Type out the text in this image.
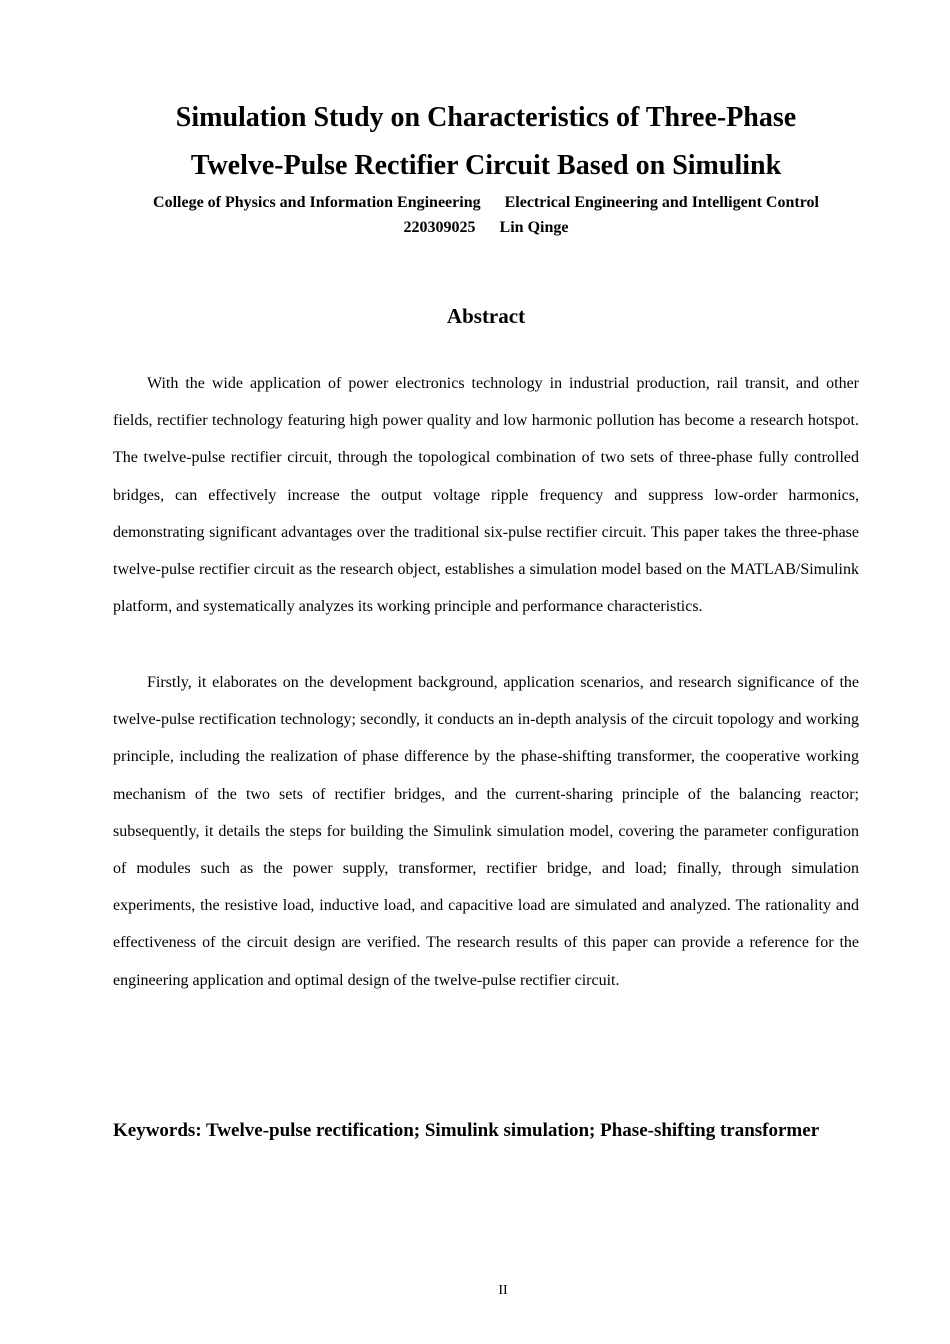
Simulation Study on Characteristics of Three-Phase
Twelve-Pulse Rectifier Circuit Based on Simulink
College of Physics and Information Engineering Electrical Engineering and Intelligent Control
220309025 Lin Qinge
Abstract

With the wide application of power electronics technology in industrial production, rail transit, and other fields, rectifier technology featuring high power quality and low harmonic pollution has become a research hotspot. The twelve-pulse rectifier circuit, through the topological combination of two sets of three-phase fully controlled bridges, can effectively increase the output voltage ripple frequency and suppress low-order harmonics, demonstrating significant advantages over the traditional six-pulse rectifier circuit. This paper takes the three-phase twelve-pulse rectifier circuit as the research object, establishes a simulation model based on the MATLAB/Simulink platform, and systematically analyzes its working principle and performance characteristics.

Firstly, it elaborates on the development background, application scenarios, and research significance of the twelve-pulse rectification technology; secondly, it conducts an in-depth analysis of the circuit topology and working principle, including the realization of phase difference by the phase-shifting transformer, the cooperative working mechanism of the two sets of rectifier bridges, and the current-sharing principle of the balancing reactor; subsequently, it details the steps for building the Simulink simulation model, covering the parameter configuration of modules such as the power supply, transformer, rectifier bridge, and load; finally, through simulation experiments, the resistive load, inductive load, and capacitive load are simulated and analyzed. The rationality and effectiveness of the circuit design are verified. The research results of this paper can provide a reference for the engineering application and optimal design of the twelve-pulse rectifier circuit.

Keywords: Twelve-pulse rectification; Simulink simulation; Phase-shifting transformer
II
